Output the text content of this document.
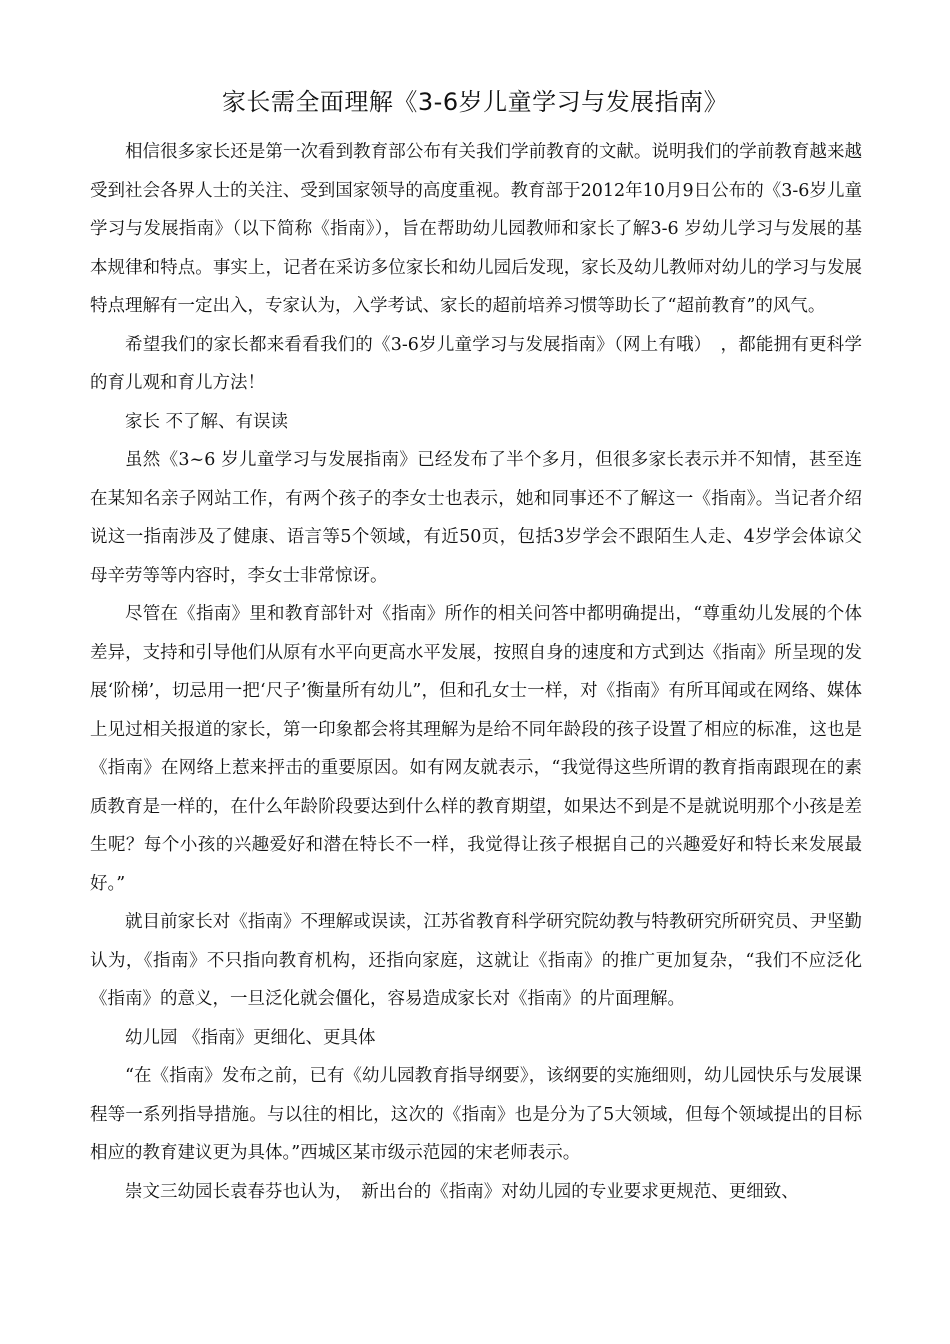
家长需全面理解《3-6岁儿童学习与发展指南》

相信很多家长还是第一次看到教育部公布有关我们学前教育的文献。说明我们的学前教育越来越受到社会各界人士的关注、受到国家领导的高度重视。教育部于2012年10月9日公布的《3-6岁儿童学习与发展指南》（以下简称《指南》），旨在帮助幼儿园教师和家长了解3-6 岁幼儿学习与发展的基本规律和特点。事实上，记者在采访多位家长和幼儿园后发现，家长及幼儿教师对幼儿的学习与发展特点理解有一定出入，专家认为，入学考试、家长的超前培养习惯等助长了“超前教育”的风气。

希望我们的家长都来看看我们的《3-6岁儿童学习与发展指南》（网上有哦）　，都能拥有更科学的育儿观和育儿方法！

家长 不了解、有误读

虽然《3~6 岁儿童学习与发展指南》已经发布了半个多月，但很多家长表示并不知情，甚至连在某知名亲子网站工作，有两个孩子的李女士也表示，她和同事还不了解这一《指南》。当记者介绍说这一指南涉及了健康、语言等5个领域，有近50页，包括3岁学会不跟陌生人走、4岁学会体谅父母辛劳等等内容时，李女士非常惊讶。

尽管在《指南》里和教育部针对《指南》所作的相关问答中都明确提出，“尊重幼儿发展的个体差异，支持和引导他们从原有水平向更高水平发展，按照自身的速度和方式到达《指南》所呈现的发展‘阶梯’，切忌用一把‘尺子’衡量所有幼儿”，但和孔女士一样，对《指南》有所耳闻或在网络、媒体上见过相关报道的家长，第一印象都会将其理解为是给不同年龄段的孩子设置了相应的标准，这也是《指南》在网络上惹来抨击的重要原因。如有网友就表示，“我觉得这些所谓的教育指南跟现在的素质教育是一样的，在什么年龄阶段要达到什么样的教育期望，如果达不到是不是就说明那个小孩是差生呢？每个小孩的兴趣爱好和潜在特长不一样，我觉得让孩子根据自己的兴趣爱好和特长来发展最好。”

就目前家长对《指南》不理解或误读，江苏省教育科学研究院幼教与特教研究所研究员、尹坚勤认为，《指南》不只指向教育机构，还指向家庭，这就让《指南》的推广更加复杂，“我们不应泛化《指南》的意义，一旦泛化就会僵化，容易造成家长对《指南》的片面理解。

幼儿园 《指南》更细化、更具体

“在《指南》发布之前，已有《幼儿园教育指导纲要》，该纲要的实施细则，幼儿园快乐与发展课程等一系列指导措施。与以往的相比，这次的《指南》也是分为了5大领域，但每个领域提出的目标相应的教育建议更为具体。”西城区某市级示范园的宋老师表示。

崇文三幼园长袁春芬也认为，　新出台的《指南》对幼儿园的专业要求更规范、更细致、
